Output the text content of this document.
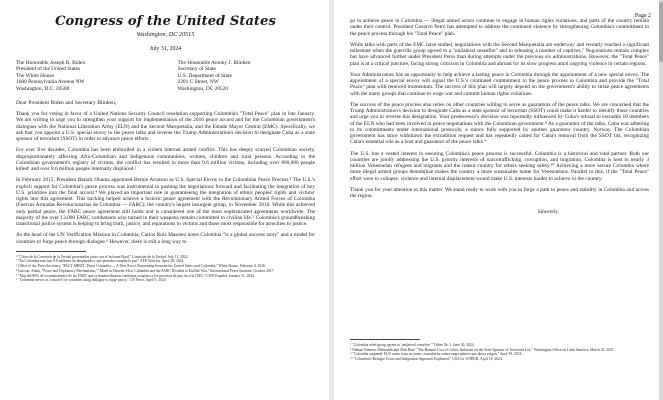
Congress of the United States
Washington, DC 20515
July 31, 2024
The Honorable Joseph R. Biden
President of the United States
The White House
1600 Pennsylvania Avenue NW
Washington, D.C. 20500
The Honorable Antony J. Blinken
Secretary of State
U.S. Department of State
2201 C Street, NW
Washington, DC 20520
Dear President Biden and Secretary Blinken,

Thank you for voting in favor of a United Nations Security Council resolution supporting Colombia's "Total Peace" plan in late January. We are writing to urge you to strengthen your support for implementation of the 2016 peace accord and for the Colombian government's dialogues with the National Liberation Army (ELN) and the Second Marquetalia, and the Estado Mayor Central (EMC). Specifically, we ask that you appoint a U.S. special envoy to the peace talks and reverse the Trump Administration's decision to designate Cuba as a state sponsor of terrorism (SSOT) in order to advance peace efforts.

For over five decades, Colombia has been embroiled in a violent internal armed conflict. This has deeply scarred Colombian society, disproportionately affecting Afro-Colombian and Indigenous communities, women, children and rural persons. According to the Colombian government's registry of victims, the conflict has resulted in more than 9.6 million victims, including over 800,000 people killed¹ and over 8.6 million people internally displaced.²

In February 2015, President Barack Obama appointed Bernie Aronson as U.S. Special Envoy to the Colombian Peace Process.³ The U.S.'s explicit support for Colombia's peace process was instrumental in pushing the negotiations forward and facilitating the integration of key U.S. priorities into the final accord.⁴ We played an important role in guaranteeing the integration of ethnic peoples' rights and victims' rights into this agreement. This backing helped achieve a historic peace agreement with the Revolutionary Armed Forces of Colombia (Fuerzas Armadas Revolucionarias de Colombia — FARC), the country's largest insurgent group, in November 2016. While this achieved only partial peace, the FARC peace agreement still holds and is considered one of the most sophisticated agreements worldwide. The majority of the over 13,000 FARC combatants who turned in their weapons remain committed to civilian life.⁵ Colombia's groundbreaking transitional justice system is helping to bring truth, justice, and reparations to victims and those most responsible for atrocities to justice.

As the head of the UN Verification Mission in Colombia, Carlos Ruiz Massieu notes Colombia "is a global success story" and a model for countries to forge peace through dialogue.⁶ However, there is still a long way to

¹ "Cifras de la Comisión de la Verdad presentadas junto con el Informe Final," Comisión de la Verdad, July 11, 2022.
² "En Colombia más hay 8.6 millones de desplazados: que pensaba cumplía la paz", EFE Noticias, April 28, 2024.
³ Office of the Press Secretary, "FACT SHEET: Peace Colombia — A New Era of Partnership between the United States and Colombia," White House, February 4, 2016.
⁴ Isacson, Adam, "Peace and Diplomacy Mechanisms," "Made in Heaven: How Colombia and the FARC Decided to End the War," International Peace Institute, October 2017.
⁵ "Más del 80% de excombatientes de las FARC que se desmovilizaron continúan acogidos a los procesos de paz, dice la ONU," CNN Español, January 11, 2024.
⁶ "Colombia serves as 'a model' for countries using dialogue to forge peace," CN News, April 9, 2024.
Page 2

go to achieve peace in Colombia — illegal armed actors continue to engage in human rights violations, and parts of the country remain under their control. President Gustavo Petro has attempted to address the continued violence by strengthening Colombia's commitment to the peace process through his "Total Peace" plan.

While talks with parts of the EMC have stalled, negotiations with the Second Marquetalia are underway and recently reached a significant milestone when the guerrilla group agreed to a "unilateral ceasefire" and to releasing a number of captives.⁷ Negotiations remain complex but have advanced further under President Petro than during attempts under the previous six administrations. However, the "Total Peace" plan is at a critical juncture, facing strong criticism in Colombia and abroad for its slow progress amid ongoing violence in certain regions.

Your Administration has an opportunity to help achieve a lasting peace in Colombia through the appointment of a new special envoy. The appointment of a special envoy will signal the U.S.'s continued commitment to the peace process in Colombia and provide the "Total Peace" plan with renewed momentum. The success of this plan will largely depend on the government's ability to strike peace agreements with the many groups that continue to wage war and commit human rights violations.

The success of the peace process also relies on other countries willing to serve as guarantors of the peace talks. We are concerned that the Trump Administration's decision to designate Cuba as a state sponsor of terrorism (SSOT) could make it harder to identify those countries and urge you to reverse this designation. Your predecessor's decision was reportedly influenced by Cuba's refusal to extradite 10 members of the ELN who had been involved in peace negotiations with the Colombian government.⁸ As a guarantor of the talks, Cuba was adhering to its commitments under international protocols, a stance fully supported by another guarantor country, Norway. The Colombian government has since withdrawn the extradition request and has repeatedly called for Cuba's removal from the SSOT list, recognizing Cuba's essential role as a host and guarantor of the peace talks.⁹

The U.S. has a vested interest in ensuring Colombia's peace process is successful. Colombia is a historical and vital partner. Both our countries are jointly addressing the U.S. priority interests of narcotrafficking, corruption, and migration. Colombia is host to nearly 3 million Venezuelan refugees and migrants and the transit country for others seeking safety.¹⁰ Achieving a more secure Colombia where more illegal armed groups demobilize makes the country a more sustainable home for Venezuelans. Parallel to this, if the "Total Peace" effort were to collapse, violence and internal displacement would make U.S. interests harder to achieve in the country.

Thank you for your attention to this matter. We stand ready to work with you to forge a path to peace and stability in Colombia and across the region.

Sincerely,
⁷ "Colombia rebel group agrees to 'unilateral ceasefire'," Tribes No.1, June 30, 2024.
⁸ Nathan Vanessa, Melandrik and Alan Betz, "The Remote Cost of Cuba's Inclusion on the State Sponsor of Terrorism List," Washington Office on Latin America, March 25, 2021.
⁹ "Colombia suspende ELN como otras acciones, extradición contra negociadores que ahora exigen," April 19, 2021.
¹⁰ "Colombia's Refugee Crisis and Integration Approach Explained," USA for UNHCR, April 18, 2024.
